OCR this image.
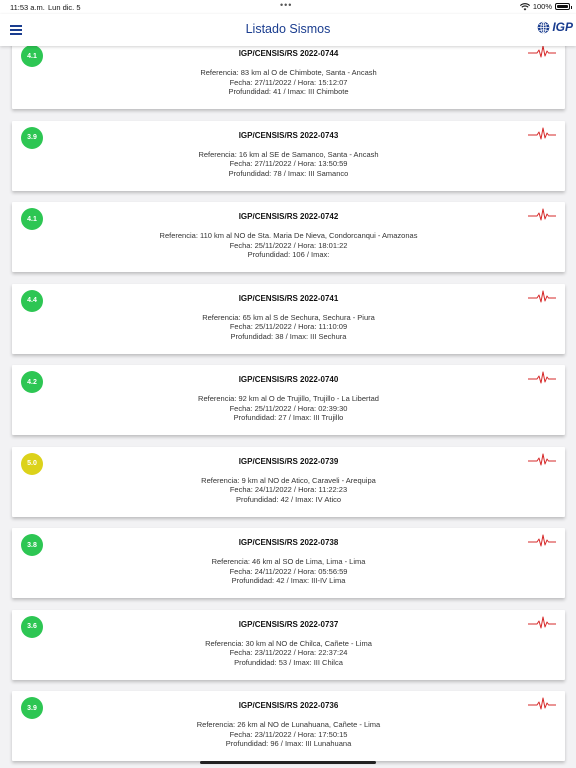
11:53 a.m. Lun dic. 5	•••	100%
Listado Sismos	IGP
4.1	IGP/CENSIS/RS 2022-0744
Referencia: 83 km al O de Chimbote, Santa - Ancash
Fecha: 27/11/2022 / Hora: 15:12:07
Profundidad: 41 / Imax: III Chimbote
3.9	IGP/CENSIS/RS 2022-0743
Referencia: 16 km al SE de Samanco, Santa - Ancash
Fecha: 27/11/2022 / Hora: 13:50:59
Profundidad: 78 / Imax: III Samanco
4.1	IGP/CENSIS/RS 2022-0742
Referencia: 110 km al NO de Sta. Maria De Nieva, Condorcanqui - Amazonas
Fecha: 25/11/2022 / Hora: 18:01:22
Profundidad: 106 / Imax:
4.4	IGP/CENSIS/RS 2022-0741
Referencia: 65 km al S de Sechura, Sechura - Piura
Fecha: 25/11/2022 / Hora: 11:10:09
Profundidad: 38 / Imax: III Sechura
4.2	IGP/CENSIS/RS 2022-0740
Referencia: 92 km al O de Trujillo, Trujillo - La Libertad
Fecha: 25/11/2022 / Hora: 02:39:30
Profundidad: 27 / Imax: III Trujillo
5.0	IGP/CENSIS/RS 2022-0739
Referencia: 9 km al NO de Atico, Caraveli - Arequipa
Fecha: 24/11/2022 / Hora: 11:22:23
Profundidad: 42 / Imax: IV Atico
3.8	IGP/CENSIS/RS 2022-0738
Referencia: 46 km al SO de Lima, Lima - Lima
Fecha: 24/11/2022 / Hora: 05:56:59
Profundidad: 42 / Imax: III-IV Lima
3.6	IGP/CENSIS/RS 2022-0737
Referencia: 30 km al NO de Chilca, Cañete - Lima
Fecha: 23/11/2022 / Hora: 22:37:24
Profundidad: 53 / Imax: III Chilca
3.9	IGP/CENSIS/RS 2022-0736
Referencia: 26 km al NO de Lunahuana, Cañete - Lima
Fecha: 23/11/2022 / Hora: 17:50:15
Profundidad: 96 / Imax: III Lunahuana
